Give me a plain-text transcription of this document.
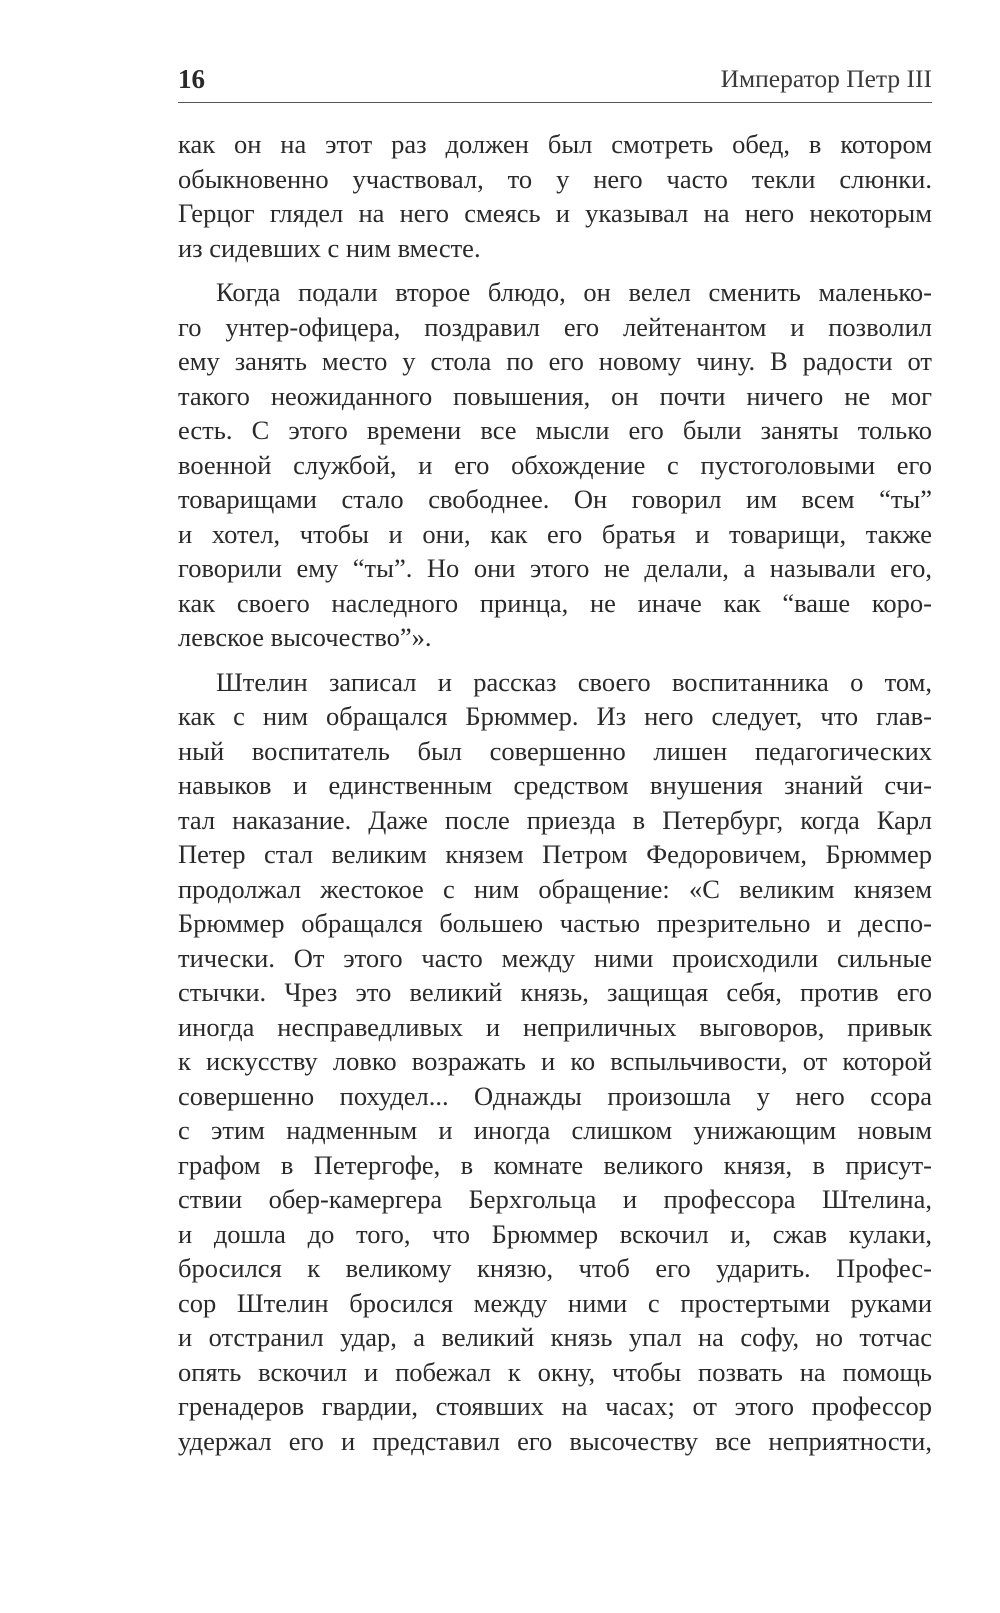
16	Император Петр III
как он на этот раз должен был смотреть обед, в котором
обыкновенно участвовал, то у него часто текли слюнки.
Герцог глядел на него смеясь и указывал на него некоторым
из сидевших с ним вместе.
Когда подали второе блюдо, он велел сменить маленько-
го унтер-офицера, поздравил его лейтенантом и позволил
ему занять место у стола по его новому чину. В радости от
такого неожиданного повышения, он почти ничего не мог
есть. С этого времени все мысли его были заняты только
военной службой, и его обхождение с пустоголовыми его
товарищами стало свободнее. Он говорил им всем “ты”
и хотел, чтобы и они, как его братья и товарищи, также
говорили ему “ты”. Но они этого не делали, а называли его,
как своего наследного принца, не иначе как “ваше коро-
левское высочество”».
Штелин записал и рассказ своего воспитанника о том,
как с ним обращался Брюммер. Из него следует, что глав-
ный воспитатель был совершенно лишен педагогических
навыков и единственным средством внушения знаний счи-
тал наказание. Даже после приезда в Петербург, когда Карл
Петер стал великим князем Петром Федоровичем, Брюммер
продолжал жестокое с ним обращение: «С великим князем
Брюммер обращался большею частью презрительно и деспо-
тически. От этого часто между ними происходили сильные
стычки. Чрез это великий князь, защищая себя, против его
иногда несправедливых и неприличных выговоров, привык
к искусству ловко возражать и ко вспыльчивости, от которой
совершенно похудел... Однажды произошла у него ссора
с этим надменным и иногда слишком унижающим новым
графом в Петергофе, в комнате великого князя, в присут-
ствии обер-камергера Берхгольца и профессора Штелина,
и дошла до того, что Брюммер вскочил и, сжав кулаки,
бросился к великому князю, чтоб его ударить. Профес-
сор Штелин бросился между ними с простертыми руками
и отстранил удар, а великий князь упал на софу, но тотчас
опять вскочил и побежал к окну, чтобы позвать на помощь
гренадеров гвардии, стоявших на часах; от этого профессор
удержал его и представил его высочеству все неприятности,
